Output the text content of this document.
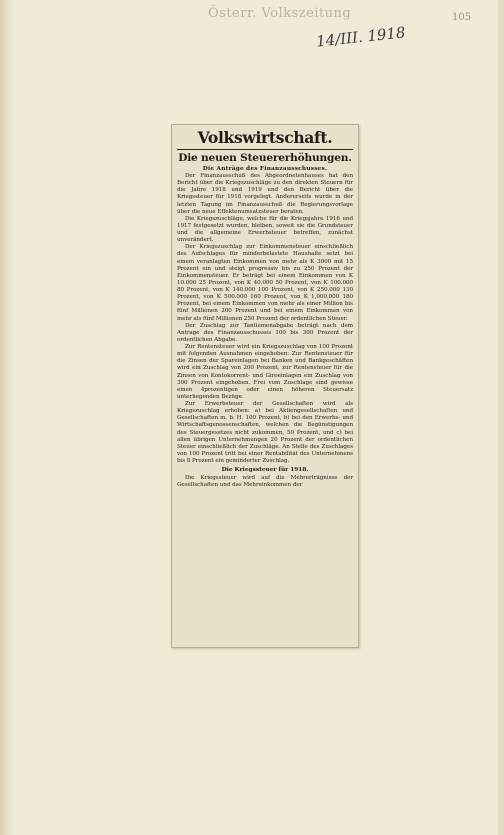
Österr. Volkszeitung
14/III. 1918
105
Volkswirtschaft.
Die neuen Steuererhöhungen.
Die Anträge des Finanzausschusses.

Der Finanzausschuß des Abgeordnetenhauses hat den Bericht über die Kriegszuschläge zu den direkten Steuern für die Jahre 1918 und 1919 und den Bericht über die Kriegssteuer für 1918 vorgelegt. Andererseits wurde in der letzten Tagung im Finanzausschuß die Regierungsvorlage über die neue Effektenumsatzsteuer beraten.

Die Kriegszuschläge, welche für die Kriegsjahre 1916 und 1917 festgesetzt wurden, bleiben, soweit sie die Grundsteuer und die allgemeine Erwerbsteuer betreffen, zunächst unverändert.

Der Kriegszuschlag zur Einkommensteuer einschließlich des Aufschlages für minderbelastete Haushalte setzt bei einem veranlagten Einkommen von mehr als K 3000 mit 15 Prozent ein und steigt progressiv bis zu 250 Prozent der Einkommensteuer. Er beträgt bei einem Einkommen von K 10.000 25 Prozent, von K 40.000 50 Prozent, von K 100.000 80 Prozent, von K 140.000 100 Prozent, von K 250.000 130 Prozent, von K 500.000 160 Prozent, von K 1,000.000 180 Prozent, bei einem Einkommen von mehr als einer Million bis fünf Millionen 200 Prozent und bei einem Einkommen von mehr als fünf Millionen 250 Prozent der ordentlichen Steuer.

Der Zuschlag zur Tantiemenabgabe beträgt nach dem Antrage des Finanzausschusses 100 bis 300 Prozent der ordentlichen Abgabe.

Zur Rentensteuer wird ein Kriegszuschlag von 100 Prozent mit folgenden Ausnahmen eingehoben: Zur Rentensteuer für die Zinsen der Spareinlagen bei Banken und Bankgeschäften wird ein Zuschlag von 200 Prozent, zur Rentensteuer für die Zinsen von Kontokorrent- und Giroeinlagen ein Zuschlag von 300 Prozent eingehoben. Frei vom Zuschlage sind gewisse einen 4prozentigen oder einen höheren Steuersatz unterliegenden Bezüge.

Zur Erwerbsteuer der Gesellschaften wird als Kriegszuschlag erhoben: a) bei Aktiengesellschaften und Gesellschaften m. b. H. 100 Prozent, b) bei den Erwerbs- und Wirtschaftsgenossenschaften, welchen die Begünstigungen des Steuergesetzes nicht zukommen, 50 Prozent, und c) bei allen übrigen Unternehmungen 20 Prozent der ordentlichen Steuer einschließlich der Zuschläge. An Stelle des Zuschlages von 100 Prozent tritt bei einer Rentabilität des Unternehmens bis 8 Prozent ein geminderter Zuschlag.

Die Kriegssteuer für 1918.

Die Kriegssteuer wird auf die Mehrerträgnisse der Gesellschaften und das Mehreinkommen der
